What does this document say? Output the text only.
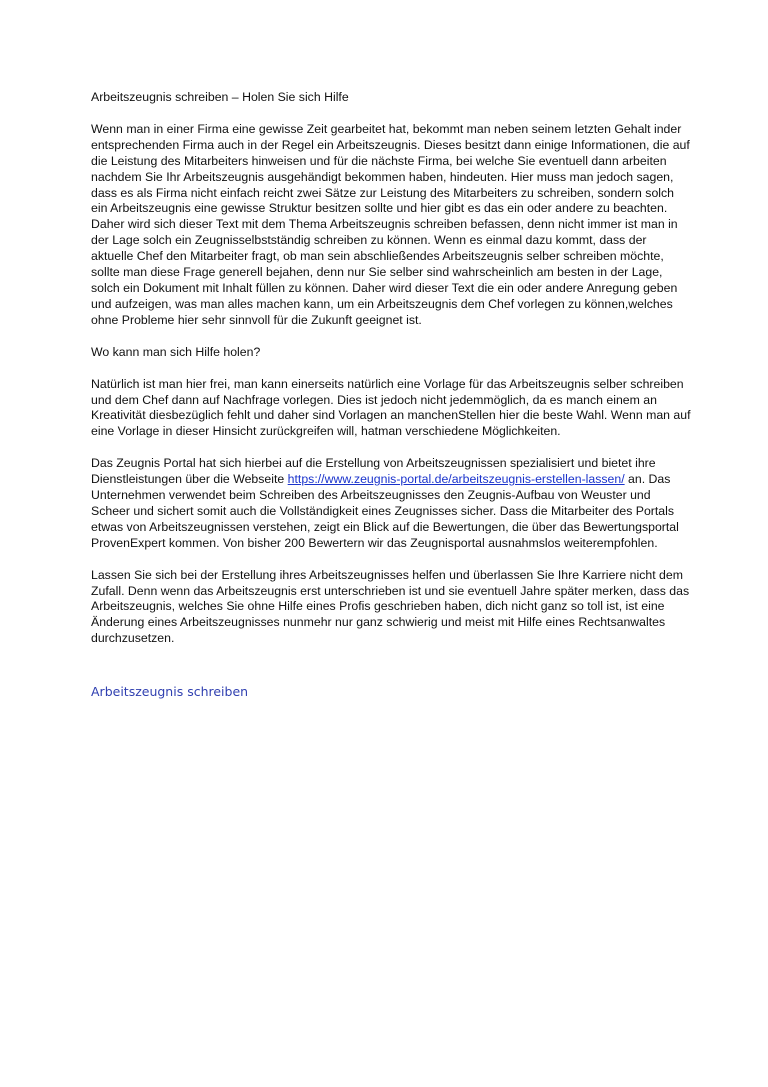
Arbeitszeugnis schreiben – Holen Sie sich Hilfe

Wenn man in einer Firma eine gewisse Zeit gearbeitet hat, bekommt man neben seinem letzten Gehalt inder entsprechenden Firma auch in der Regel ein Arbeitszeugnis. Dieses besitzt dann einige Informationen, die auf die Leistung des Mitarbeiters hinweisen und für die nächste Firma, bei welche Sie eventuell dann arbeiten nachdem Sie Ihr Arbeitszeugnis ausgehändigt bekommen haben, hindeuten. Hier muss man jedoch sagen, dass es als Firma nicht einfach reicht zwei Sätze zur Leistung des Mitarbeiters zu schreiben, sondern solch ein Arbeitszeugnis eine gewisse Struktur besitzen sollte und hier gibt es das ein oder andere zu beachten. Daher wird sich dieser Text mit dem Thema Arbeitszeugnis schreiben befassen, denn nicht immer ist man in der Lage solch ein Zeugnisselbstständig schreiben zu können. Wenn es einmal dazu kommt, dass der aktuelle Chef den Mitarbeiter fragt, ob man sein abschließendes Arbeitszeugnis selber schreiben möchte, sollte man diese Frage generell bejahen, denn nur Sie selber sind wahrscheinlich am besten in der Lage, solch ein Dokument mit Inhalt füllen zu können. Daher wird dieser Text die ein oder andere Anregung geben und aufzeigen, was man alles machen kann, um ein Arbeitszeugnis dem Chef vorlegen zu können,welches ohne Probleme hier sehr sinnvoll für die Zukunft geeignet ist.

Wo kann man sich Hilfe holen?

Natürlich ist man hier frei, man kann einerseits natürlich eine Vorlage für das Arbeitszeugnis selber schreiben und dem Chef dann auf Nachfrage vorlegen. Dies ist jedoch nicht jedemmöglich, da es manch einem an Kreativität diesbezüglich fehlt und daher sind Vorlagen an manchenStellen hier die beste Wahl. Wenn man auf eine Vorlage in dieser Hinsicht zurückgreifen will, hatman verschiedene Möglichkeiten.

Das Zeugnis Portal hat sich hierbei auf die Erstellung von Arbeitszeugnissen spezialisiert und bietet ihre Dienstleistungen über die Webseite https://www.zeugnis-portal.de/arbeitszeugnis-erstellen-lassen/ an. Das Unternehmen verwendet beim Schreiben des Arbeitszeugnisses den Zeugnis-Aufbau von Weuster und Scheer und sichert somit auch die Vollständigkeit eines Zeugnisses sicher. Dass die Mitarbeiter des Portals etwas von Arbeitszeugnissen verstehen, zeigt ein Blick auf die Bewertungen, die über das Bewertungsportal ProvenExpert kommen. Von bisher 200 Bewertern wir das Zeugnisportal ausnahmslos weiterempfohlen.

Lassen Sie sich bei der Erstellung ihres Arbeitszeugnisses helfen und überlassen Sie Ihre Karriere nicht dem Zufall. Denn wenn das Arbeitszeugnis erst unterschrieben ist und sie eventuell Jahre später merken, dass das Arbeitszeugnis, welches Sie ohne Hilfe eines Profis geschrieben haben, dich nicht ganz so toll ist, ist eine Änderung eines Arbeitszeugnisses nunmehr nur ganz schwierig und meist mit Hilfe eines Rechtsanwaltes durchzusetzen.

Arbeitszeugnis schreiben
